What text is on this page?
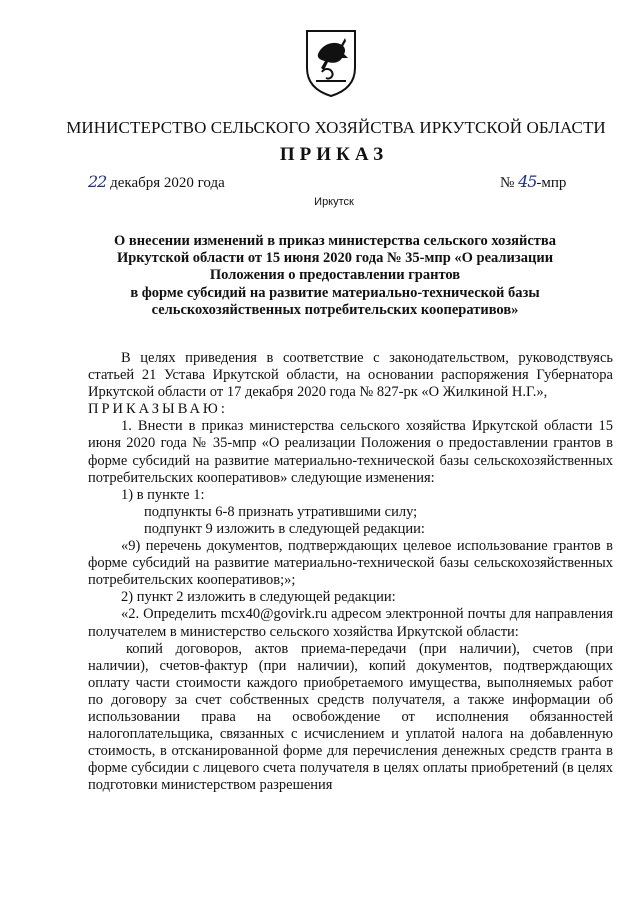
МИНИСТЕРСТВО СЕЛЬСКОГО ХОЗЯЙСТВА ИРКУТСКОЙ ОБЛАСТИ
ПРИКАЗ
22 декабря 2020 года	№ 45-мпр
Иркутск
О внесении изменений в приказ министерства сельского хозяйства
Иркутской области от 15 июня 2020 года № 35-мпр «О реализации
Положения о предоставлении грантов
в форме субсидий на развитие материально-технической базы
сельскохозяйственных потребительских кооперативов»

В целях приведения в соответствие с законодательством, руководствуясь статьей 21 Устава Иркутской области, на основании распоряжения Губернатора Иркутской области от 17 декабря 2020 года № 827-рк «О Жилкиной Н.Г.»,

ПРИКАЗЫВАЮ:

1. Внести в приказ министерства сельского хозяйства Иркутской области 15 июня 2020 года № 35-мпр «О реализации Положения о предоставлении грантов в форме субсидий на развитие материально-технической базы сельскохозяйственных потребительских кооперативов» следующие изменения:

1) в пункте 1:

подпункты 6-8 признать утратившими силу;

подпункт 9 изложить в следующей редакции:

«9) перечень документов, подтверждающих целевое использование грантов в форме субсидий на развитие материально-технической базы сельскохозяйственных потребительских кооперативов;»;

2) пункт 2 изложить в следующей редакции:

«2. Определить mcx40@govirk.ru адресом электронной почты для направления получателем в министерство сельского хозяйства Иркутской области:

копий договоров, актов приема-передачи (при наличии), счетов (при наличии), счетов-фактур (при наличии), копий документов, подтверждающих оплату части стоимости каждого приобретаемого имущества, выполняемых работ по договору за счет собственных средств получателя, а также информации об использовании права на освобождение от исполнения обязанностей налогоплательщика, связанных с исчислением и уплатой налога на добавленную стоимость, в отсканированной форме для перечисления денежных средств гранта в форме субсидии с лицевого счета получателя в целях оплаты приобретений (в целях подготовки министерством разрешения
